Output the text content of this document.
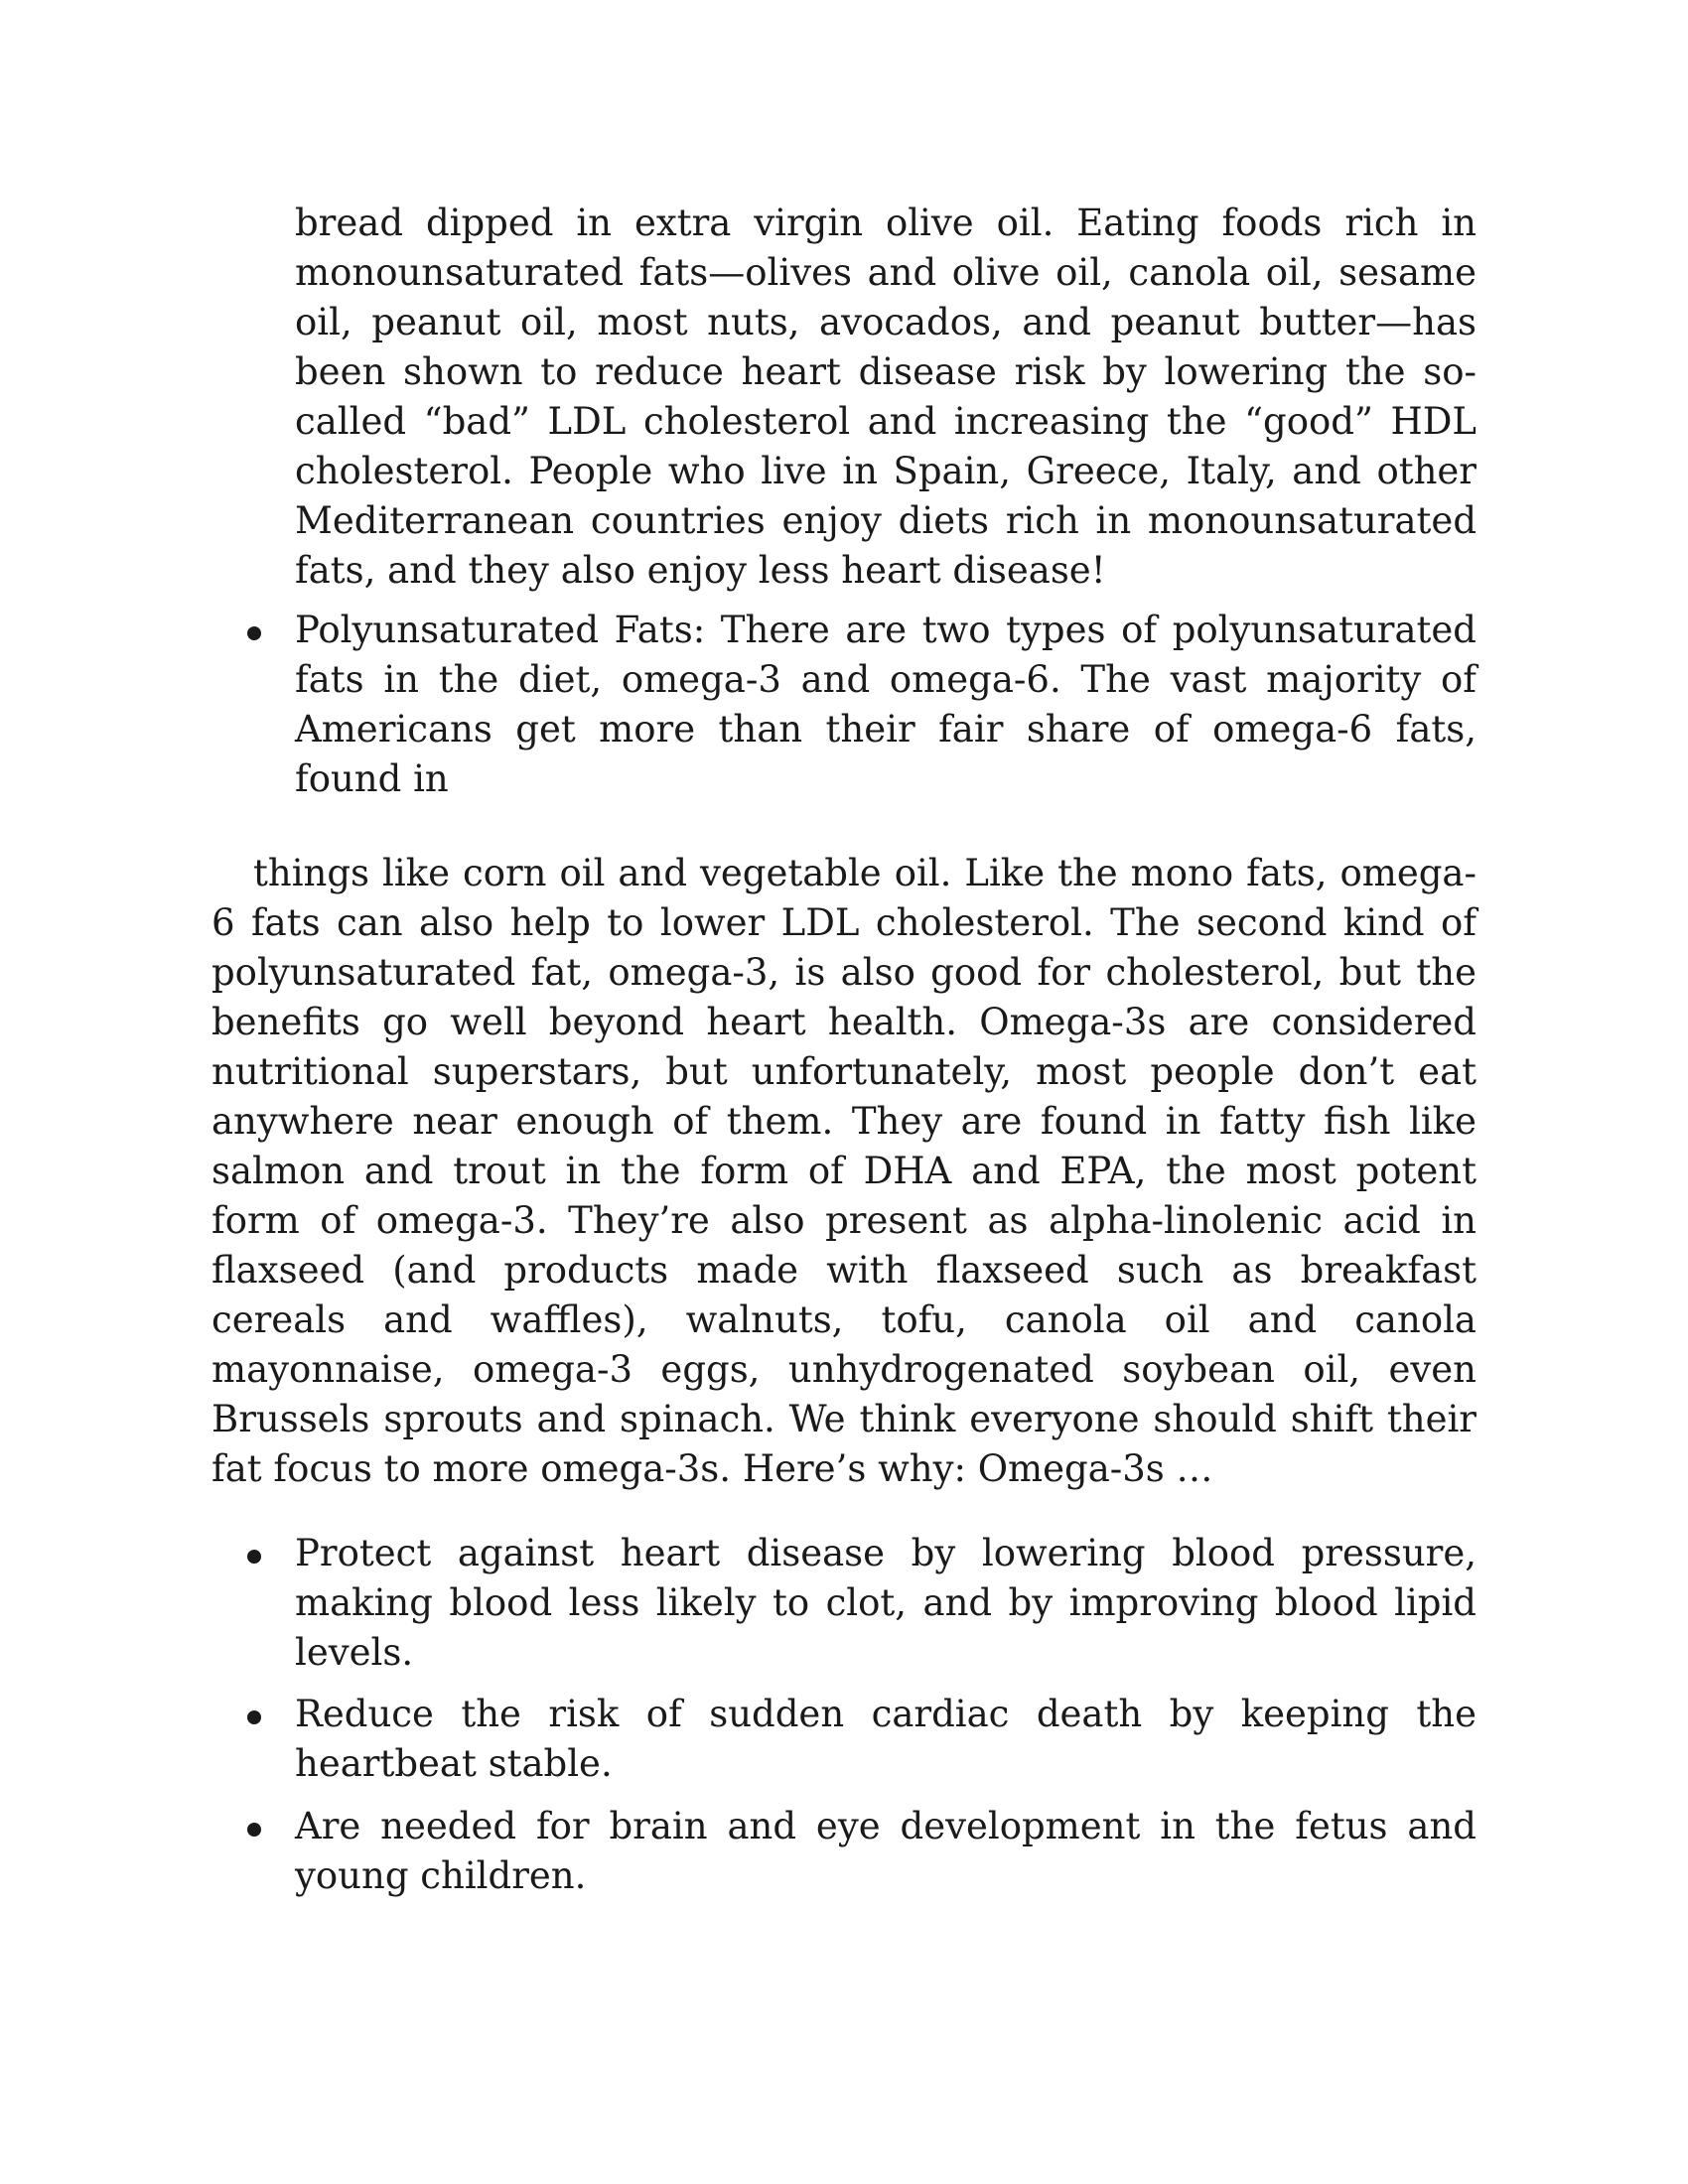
bread dipped in extra virgin olive oil. Eating foods rich in monounsaturated fats—olives and olive oil, canola oil, sesame oil, peanut oil, most nuts, avocados, and peanut butter—has been shown to reduce heart disease risk by lowering the so-called “bad” LDL cholesterol and increasing the “good” HDL cholesterol. People who live in Spain, Greece, Italy, and other Mediterranean countries enjoy diets rich in monounsaturated fats, and they also enjoy less heart disease!

Polyunsaturated Fats: There are two types of polyunsaturated fats in the diet, omega-3 and omega-6. The vast majority of Americans get more than their fair share of omega-6 fats, found in

things like corn oil and vegetable oil. Like the mono fats, omega-6 fats can also help to lower LDL cholesterol. The second kind of polyunsaturated fat, omega-3, is also good for cholesterol, but the benefits go well beyond heart health. Omega-3s are considered nutritional superstars, but unfortunately, most people don’t eat anywhere near enough of them. They are found in fatty fish like salmon and trout in the form of DHA and EPA, the most potent form of omega-3. They’re also present as alpha-linolenic acid in flaxseed (and products made with flaxseed such as breakfast cereals and waffles), walnuts, tofu, canola oil and canola mayonnaise, omega-3 eggs, unhydrogenated soybean oil, even Brussels sprouts and spinach. We think everyone should shift their fat focus to more omega-3s. Here’s why: Omega-3s …

Protect against heart disease by lowering blood pressure, making blood less likely to clot, and by improving blood lipid levels.

Reduce the risk of sudden cardiac death by keeping the heartbeat stable.

Are needed for brain and eye development in the fetus and young children.
